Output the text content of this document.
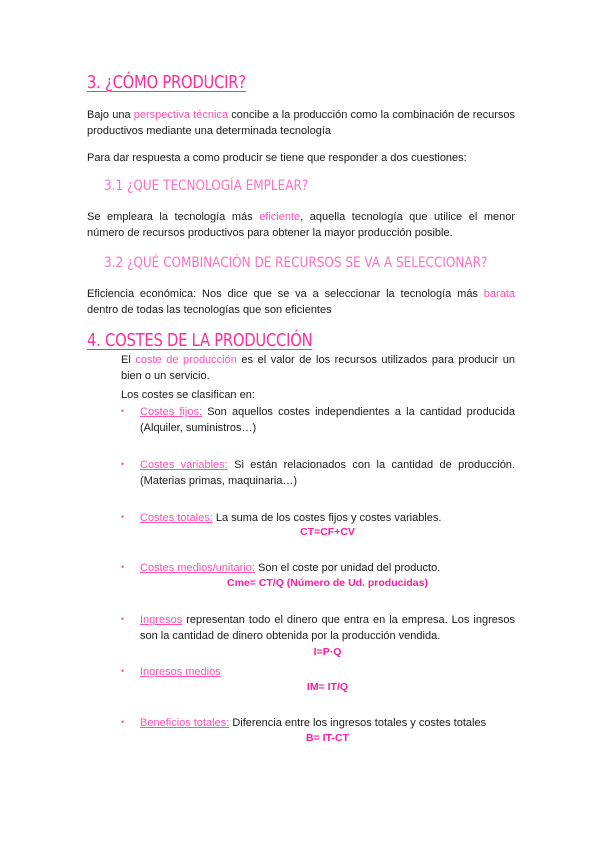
3. ¿CÓMO PRODUCIR?
Bajo una perspectiva técnica concibe a la producción como la combinación de recursos productivos mediante una determinada tecnología
Para dar respuesta a como producir se tiene que responder a dos cuestiones:
3.1 ¿QUE TECNOLOGÍA EMPLEAR?
Se empleara la tecnología más eficiente, aquella tecnología que utilice el menor número de recursos productivos para obtener la mayor producción posible.
3.2 ¿QUÉ COMBINACIÓN DE RECURSOS SE VA A SELECCIONAR?
Eficiencia económica: Nos dice que se va a seleccionar la tecnología más barata dentro de todas las tecnologías que son eficientes
4. COSTES DE LA PRODUCCIÓN
El coste de producción es el valor de los recursos utilizados para producir un bien o un servicio.
Los costes se clasifican en:
• Costes fijos: Son aquellos costes independientes a la cantidad producida (Alquiler, suministros…)
• Costes variables: Si están relacionados con la cantidad de producción. (Materias primas, maquinaria…)
• Costes totales: La suma de los costes fijos y costes variables.
CT=CF+CV
• Costes medios/unitario: Son el coste por unidad del producto.
Cme= CT/Q (Número de Ud. producidas)
• Ingresos representan todo el dinero que entra en la empresa. Los ingresos son la cantidad de dinero obtenida por la producción vendida.
I=P·Q
• Ingresos medios
IM= IT/Q
• Beneficios totales: Diferencia entre los ingresos totales y costes totales
B= IT-CT
